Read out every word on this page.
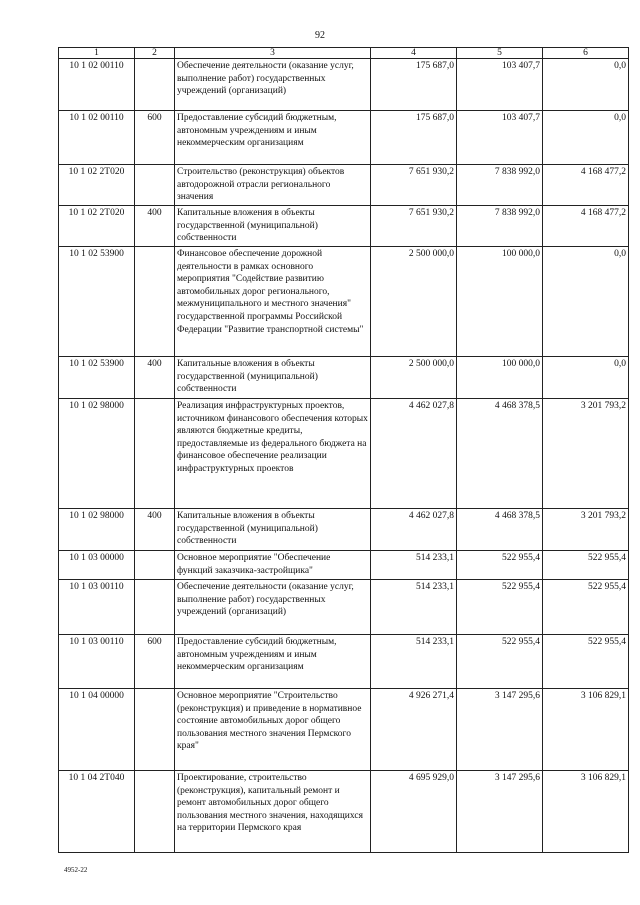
92
1	2	3	4	5	6
10 1 02 00110		Обеспечение деятельности (оказание услуг, выполнение работ) государственных учреждений (организаций)	175 687,0	103 407,7	0,0
10 1 02 00110	600	Предоставление субсидий бюджетным, автономным учреждениям и иным некоммерческим организациям	175 687,0	103 407,7	0,0
10 1 02 2Т020		Строительство (реконструкция) объектов автодорожной отрасли регионального значения	7 651 930,2	7 838 992,0	4 168 477,2
10 1 02 2Т020	400	Капитальные вложения в объекты государственной (муниципальной) собственности	7 651 930,2	7 838 992,0	4 168 477,2
10 1 02 53900		Финансовое обеспечение дорожной деятельности в рамках основного мероприятия "Содействие развитию автомобильных дорог регионального, межмуниципального и местного значения" государственной программы Российской Федерации "Развитие транспортной системы"	2 500 000,0	100 000,0	0,0
10 1 02 53900	400	Капитальные вложения в объекты государственной (муниципальной) собственности	2 500 000,0	100 000,0	0,0
10 1 02 98000		Реализация инфраструктурных проектов, источником финансового обеспечения которых являются бюджетные кредиты, предоставляемые из федерального бюджета на финансовое обеспечение реализации инфраструктурных проектов	4 462 027,8	4 468 378,5	3 201 793,2
10 1 02 98000	400	Капитальные вложения в объекты государственной (муниципальной) собственности	4 462 027,8	4 468 378,5	3 201 793,2
10 1 03 00000		Основное мероприятие "Обеспечение функций заказчика-застройщика"	514 233,1	522 955,4	522 955,4
10 1 03 00110		Обеспечение деятельности (оказание услуг, выполнение работ) государственных учреждений (организаций)	514 233,1	522 955,4	522 955,4
10 1 03 00110	600	Предоставление субсидий бюджетным, автономным учреждениям и иным некоммерческим организациям	514 233,1	522 955,4	522 955,4
10 1 04 00000		Основное мероприятие "Строительство (реконструкция) и приведение в нормативное состояние автомобильных дорог общего пользования местного значения Пермского края"	4 926 271,4	3 147 295,6	3 106 829,1
10 1 04 2Т040		Проектирование, строительство (реконструкция), капитальный ремонт и ремонт автомобильных дорог общего пользования местного значения, находящихся на территории Пермского края	4 695 929,0	3 147 295,6	3 106 829,1
4952-22
